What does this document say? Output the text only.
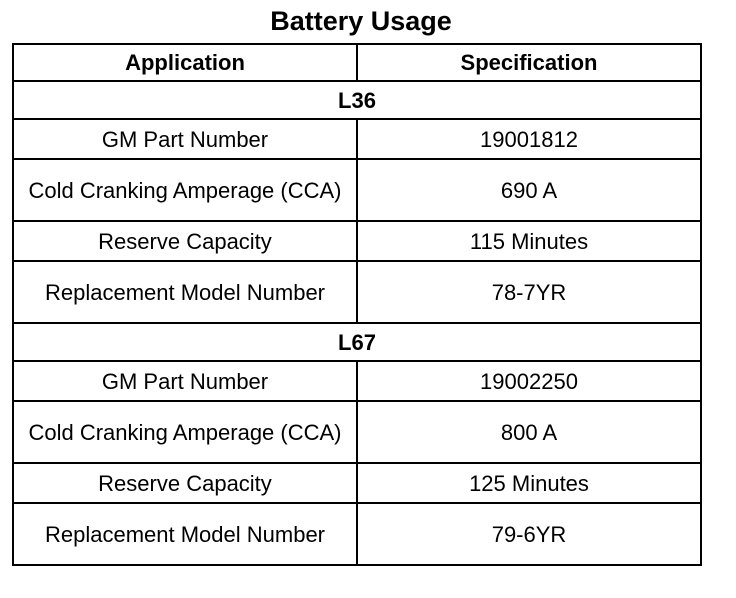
Battery Usage
Application	Specification
L36	
GM Part Number	19001812
Cold Cranking Amperage (CCA)	690 A
Reserve Capacity	115 Minutes
Replacement Model Number	78-7YR
L67	
GM Part Number	19002250
Cold Cranking Amperage (CCA)	800 A
Reserve Capacity	125 Minutes
Replacement Model Number	79-6YR
